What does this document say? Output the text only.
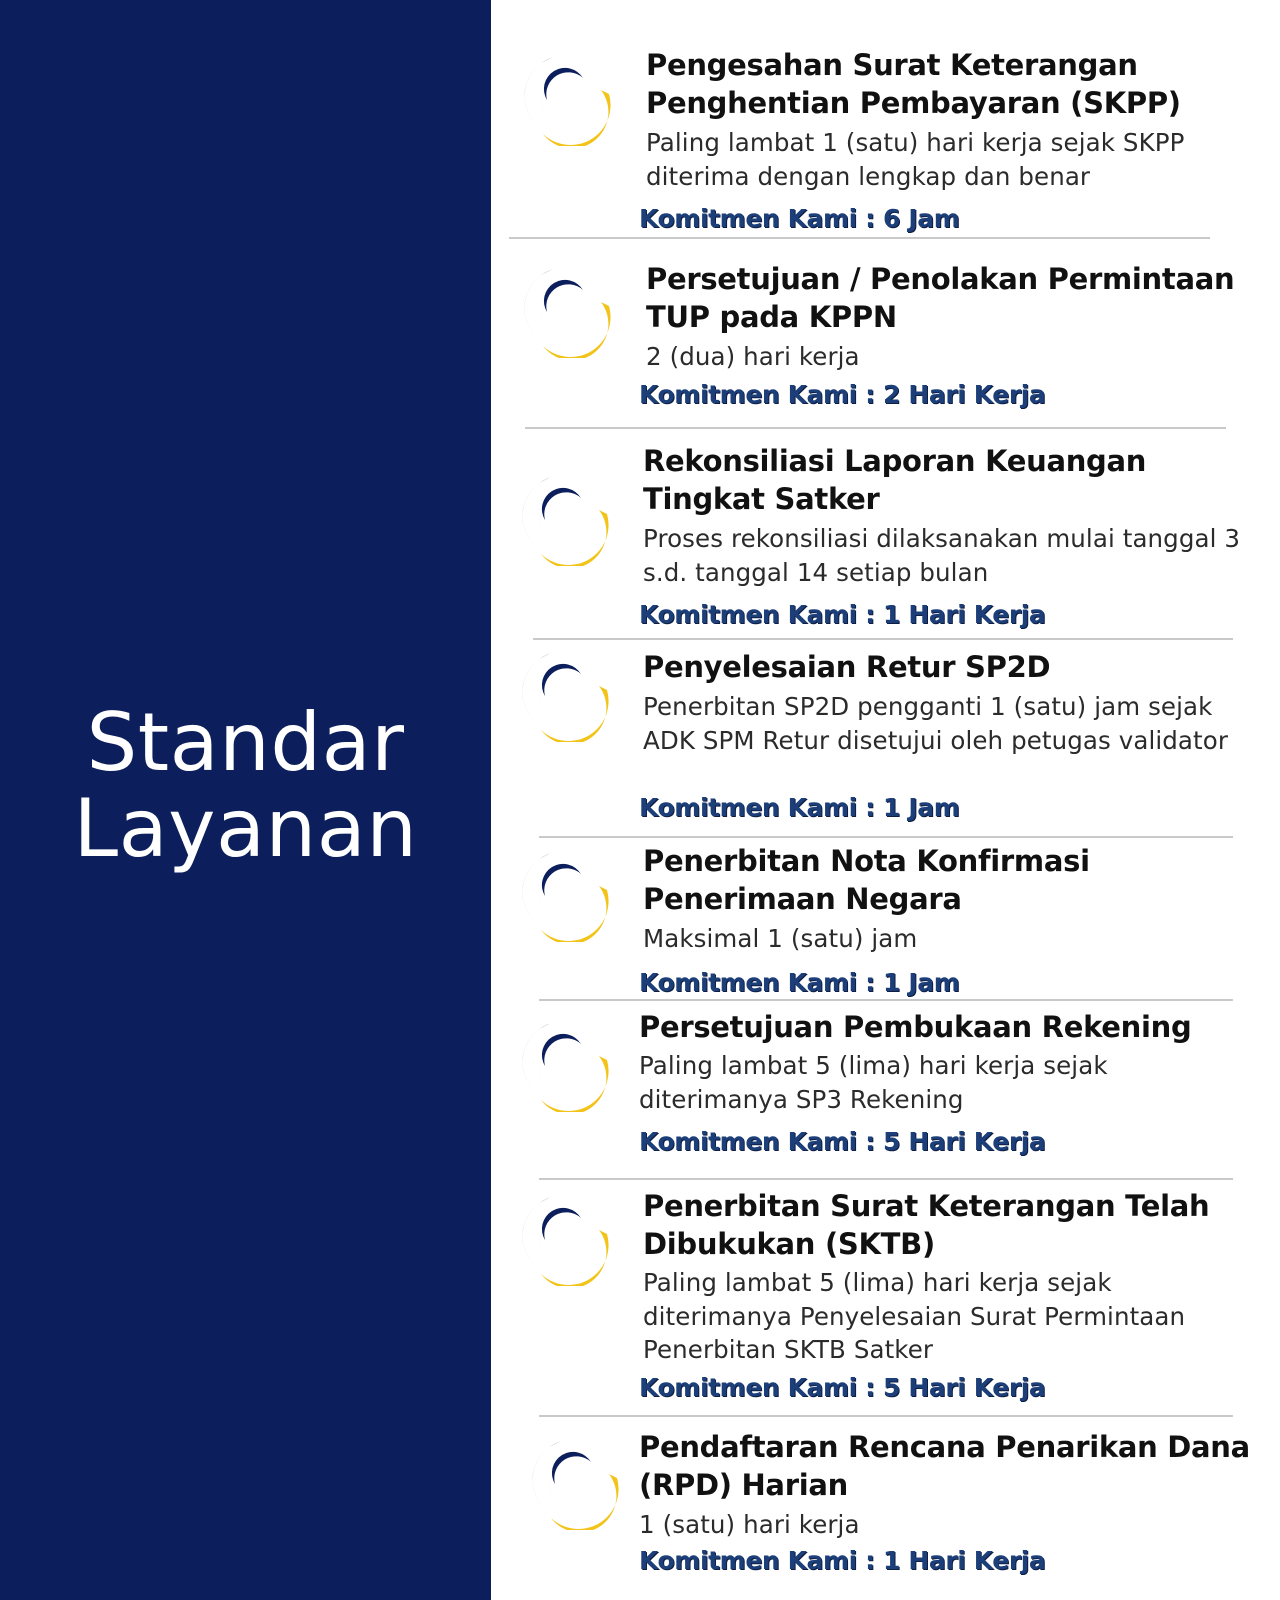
Standar
Layanan
Pengesahan Surat Keterangan Penghentian Pembayaran (SKPP)
Paling lambat 1 (satu) hari kerja sejak SKPP diterima dengan lengkap dan benar
Komitmen Kami : 6 Jam
Persetujuan / Penolakan Permintaan TUP pada KPPN
2 (dua) hari kerja
Komitmen Kami : 2 Hari Kerja
Rekonsiliasi Laporan Keuangan Tingkat Satker
Proses rekonsiliasi dilaksanakan mulai tanggal 3 s.d. tanggal 14 setiap bulan
Komitmen Kami : 1 Hari Kerja
Penyelesaian Retur SP2D
Penerbitan SP2D pengganti 1 (satu) jam sejak ADK SPM Retur disetujui oleh petugas validator
Komitmen Kami : 1 Jam
Penerbitan Nota Konfirmasi Penerimaan Negara
Maksimal 1 (satu) jam
Komitmen Kami : 1 Jam
Persetujuan Pembukaan Rekening
Paling lambat 5 (lima) hari kerja sejak diterimanya SP3 Rekening
Komitmen Kami : 5 Hari Kerja
Penerbitan Surat Keterangan Telah Dibukukan (SKTB)
Paling lambat 5 (lima) hari kerja sejak diterimanya Penyelesaian Surat Permintaan Penerbitan SKTB Satker
Komitmen Kami : 5 Hari Kerja
Pendaftaran Rencana Penarikan Dana (RPD) Harian
1 (satu) hari kerja
Komitmen Kami : 1 Hari Kerja
